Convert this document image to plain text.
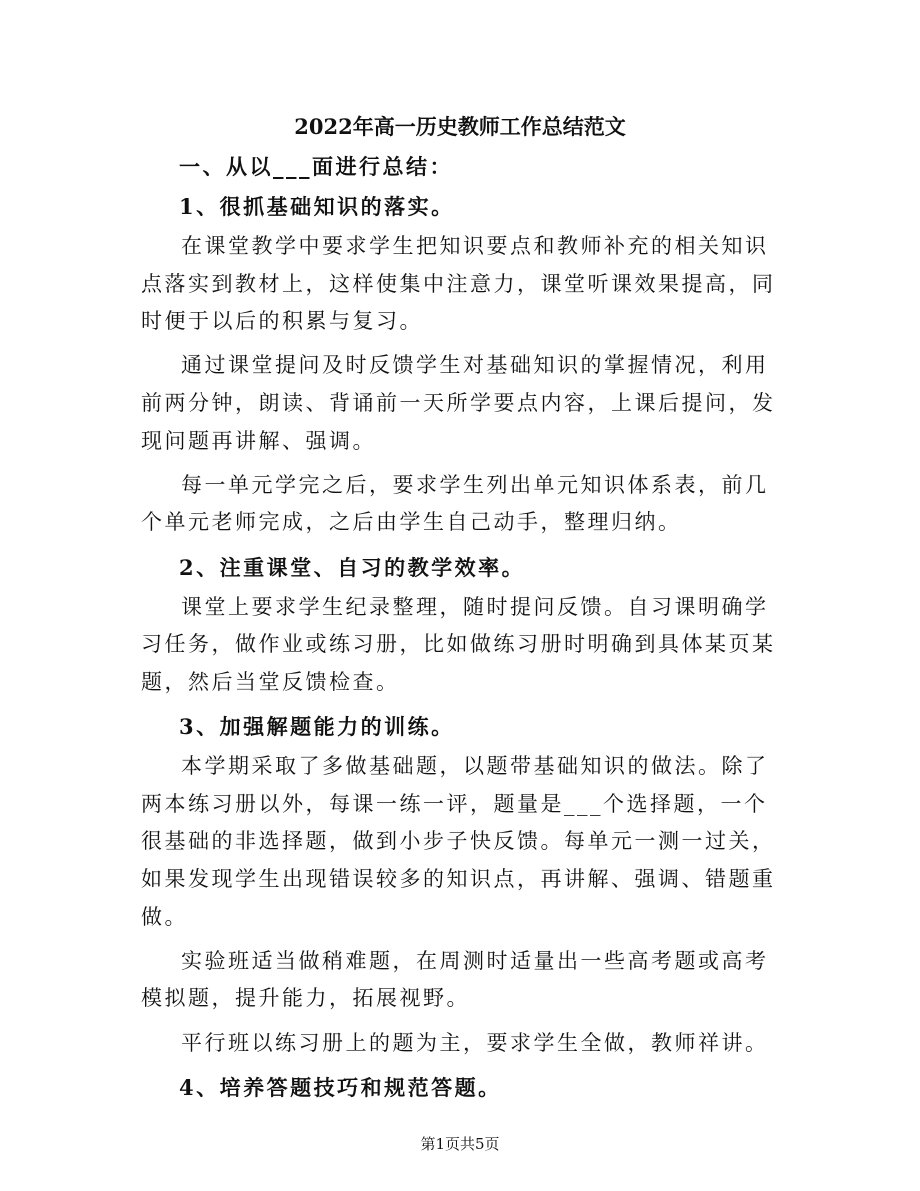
2022年高一历史教师工作总结范文

一、从以___面进行总结：

1、很抓基础知识的落实。

在课堂教学中要求学生把知识要点和教师补充的相关知识点落实到教材上，这样使集中注意力，课堂听课效果提高，同时便于以后的积累与复习。

通过课堂提问及时反馈学生对基础知识的掌握情况，利用前两分钟，朗读、背诵前一天所学要点内容，上课后提问，发现问题再讲解、强调。

每一单元学完之后，要求学生列出单元知识体系表，前几个单元老师完成，之后由学生自己动手，整理归纳。

2、注重课堂、自习的教学效率。

课堂上要求学生纪录整理，随时提问反馈。自习课明确学习任务，做作业或练习册，比如做练习册时明确到具体某页某题，然后当堂反馈检查。

3、加强解题能力的训练。

本学期采取了多做基础题，以题带基础知识的做法。除了两本练习册以外，每课一练一评，题量是___个选择题，一个很基础的非选择题，做到小步子快反馈。每单元一测一过关，如果发现学生出现错误较多的知识点，再讲解、强调、错题重做。

实验班适当做稍难题，在周测时适量出一些高考题或高考模拟题，提升能力，拓展视野。

平行班以练习册上的题为主，要求学生全做，教师祥讲。

4、培养答题技巧和规范答题。

第1页共5页
